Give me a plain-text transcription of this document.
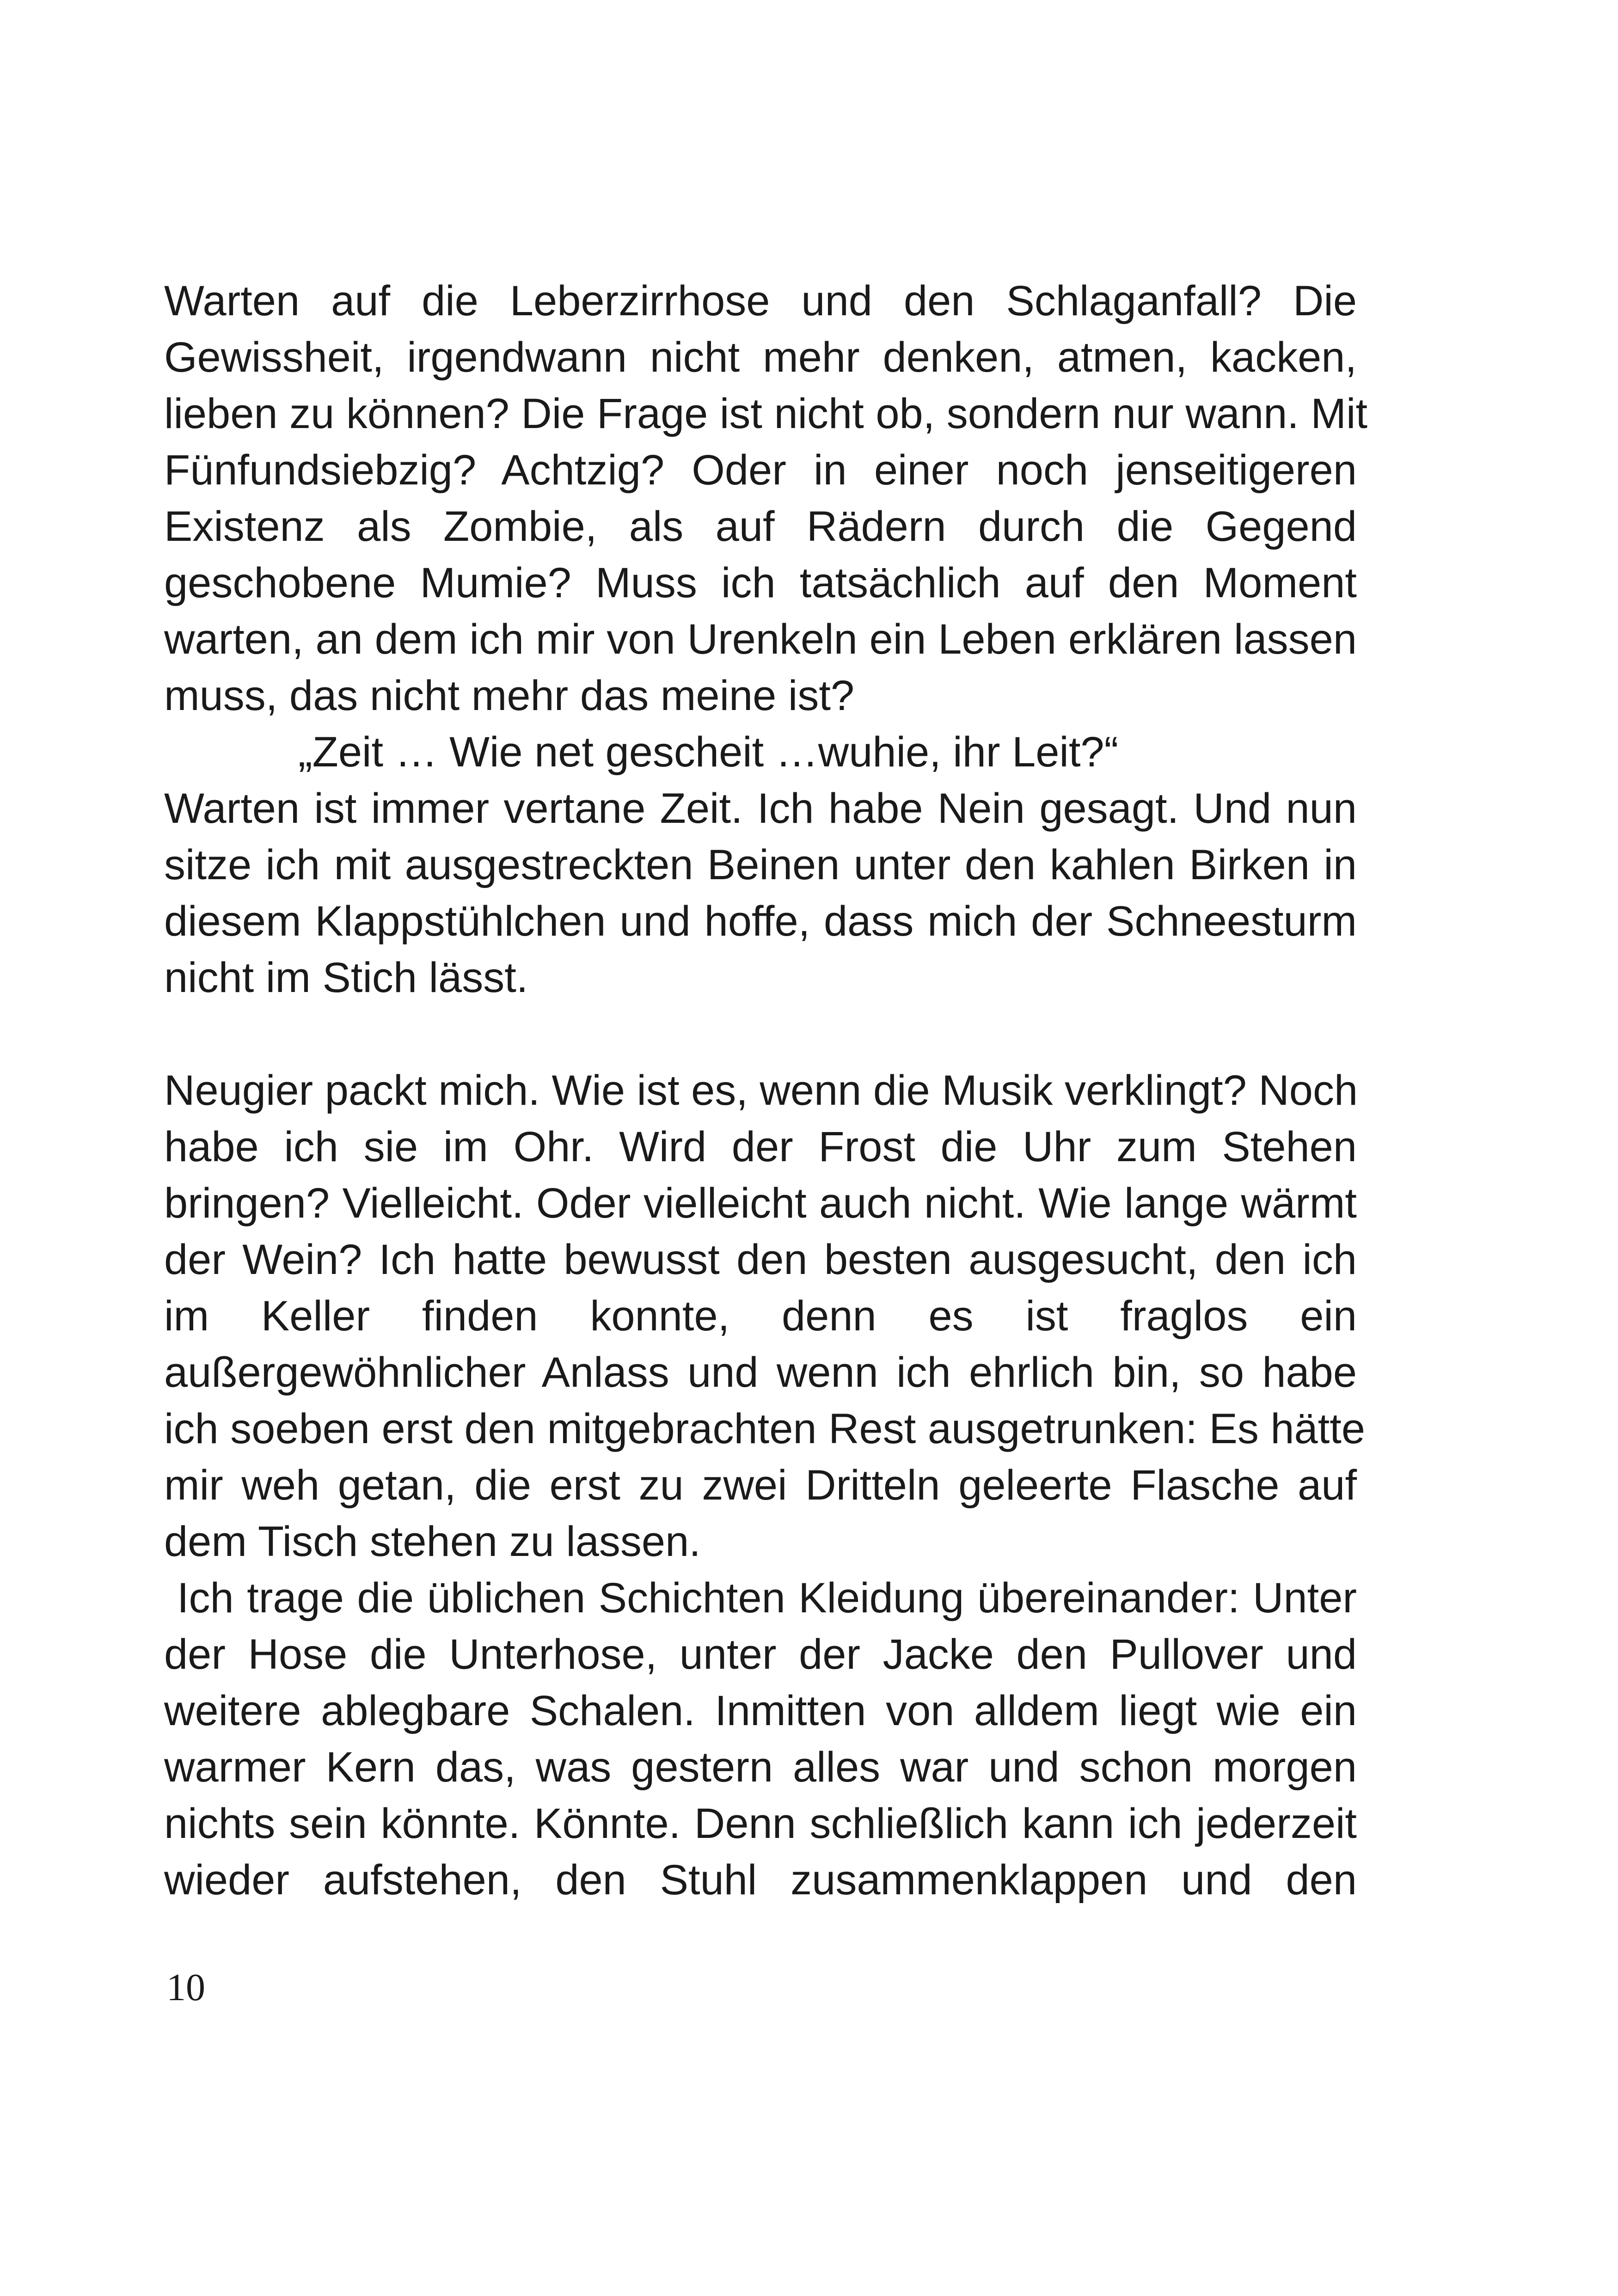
Warten auf die Leberzirrhose und den Schlaganfall? Die
Gewissheit, irgendwann nicht mehr denken, atmen, kacken,
lieben zu können? Die Frage ist nicht ob, sondern nur wann. Mit
Fünfundsiebzig? Achtzig? Oder in einer noch jenseitigeren
Existenz als Zombie, als auf Rädern durch die Gegend
geschobene Mumie? Muss ich tatsächlich auf den Moment
warten, an dem ich mir von Urenkeln ein Leben erklären lassen
muss, das nicht mehr das meine ist?
„Zeit … Wie net gescheit …wuhie, ihr Leit?“
Warten ist immer vertane Zeit. Ich habe Nein gesagt. Und nun
sitze ich mit ausgestreckten Beinen unter den kahlen Birken in
diesem Klappstühlchen und hoffe, dass mich der Schneesturm
nicht im Stich lässt.
Neugier packt mich. Wie ist es, wenn die Musik verklingt? Noch
habe ich sie im Ohr. Wird der Frost die Uhr zum Stehen
bringen? Vielleicht. Oder vielleicht auch nicht. Wie lange wärmt
der Wein? Ich hatte bewusst den besten ausgesucht, den ich
im Keller finden konnte, denn es ist fraglos ein
außergewöhnlicher Anlass und wenn ich ehrlich bin, so habe
ich soeben erst den mitgebrachten Rest ausgetrunken: Es hätte
mir weh getan, die erst zu zwei Dritteln geleerte Flasche auf
dem Tisch stehen zu lassen.
Ich trage die üblichen Schichten Kleidung übereinander: Unter
der Hose die Unterhose, unter der Jacke den Pullover und
weitere ablegbare Schalen. Inmitten von alldem liegt wie ein
warmer Kern das, was gestern alles war und schon morgen
nichts sein könnte. Könnte. Denn schließlich kann ich jederzeit
wieder aufstehen, den Stuhl zusammenklappen und den
10
